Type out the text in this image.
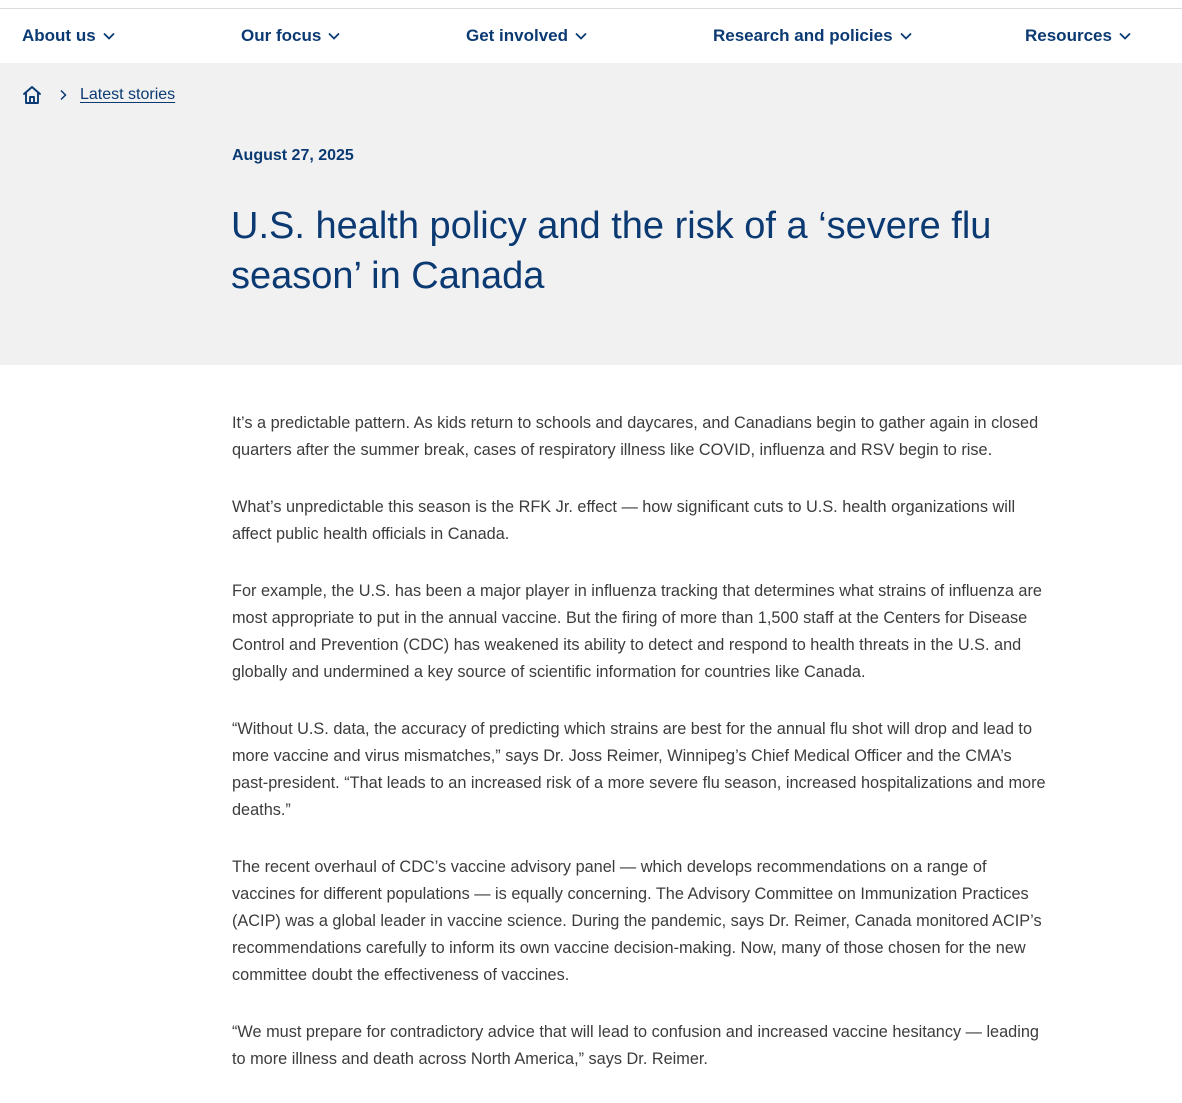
About us	Our focus	Get involved	Research and policies	Resources
Latest stories
August 27, 2025
U.S. health policy and the risk of a ‘severe flu
season’ in Canada

It’s a predictable pattern. As kids return to schools and daycares, and Canadians begin to gather again in closed quarters after the summer break, cases of respiratory illness like COVID, influenza and RSV begin to rise.

What’s unpredictable this season is the RFK Jr. effect — how significant cuts to U.S. health organizations will affect public health officials in Canada.

For example, the U.S. has been a major player in influenza tracking that determines what strains of influenza are most appropriate to put in the annual vaccine. But the firing of more than 1,500 staff at the Centers for Disease Control and Prevention (CDC) has weakened its ability to detect and respond to health threats in the U.S. and globally and undermined a key source of scientific information for countries like Canada.

“Without U.S. data, the accuracy of predicting which strains are best for the annual flu shot will drop and lead to more vaccine and virus mismatches,” says Dr. Joss Reimer, Winnipeg’s Chief Medical Officer and the CMA’s past-president. “That leads to an increased risk of a more severe flu season, increased hospitalizations and more deaths.”

The recent overhaul of CDC’s vaccine advisory panel — which develops recommendations on a range of vaccines for different populations — is equally concerning. The Advisory Committee on Immunization Practices (ACIP) was a global leader in vaccine science. During the pandemic, says Dr. Reimer, Canada monitored ACIP’s recommendations carefully to inform its own vaccine decision-making. Now, many of those chosen for the new committee doubt the effectiveness of vaccines.

“We must prepare for contradictory advice that will lead to confusion and increased vaccine hesitancy — leading to more illness and death across North America,” says Dr. Reimer.
